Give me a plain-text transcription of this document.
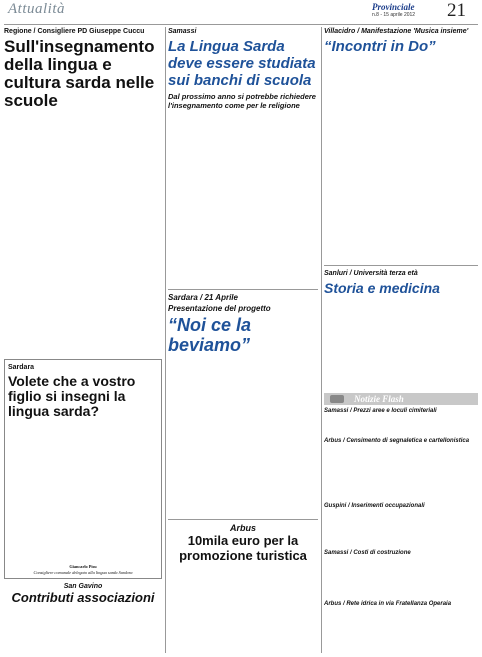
Attualità	Provinciale
n.8 - 15 aprile 2012 21
Regione / Consigliere PD Giuseppe Cuccu
Sull'insegnamento della lingua e cultura sarda nelle scuole
Sardara
Volete che a vostro figlio si insegni la lingua sarda?
Giancarlo Pisu
Consigliere comunale delegato alla lingua sarda Sardara
San Gavino
Contributi associazioni
Samassi
La Lingua Sarda deve essere studiata sui banchi di scuola
Dal prossimo anno si potrebbe richiedere l'insegnamento come per le religione
Sardara / 21 Aprile
Presentazione del progetto
“Noi ce la beviamo”
Arbus
10mila euro per la promozione turistica
Villacidro / Manifestazione 'Musica insieme'
“Incontri in Do”
Sanluri / Università terza età
Storia e medicina
Notizie Flash
Samassi / Prezzi aree e loculi cimiteriali
Arbus / Censimento di segnaletica e cartellonistica
Guspini / Inserimenti occupazionali
Samassi / Costi di costruzione
Arbus / Rete idrica in via Fratellanza Operaia
